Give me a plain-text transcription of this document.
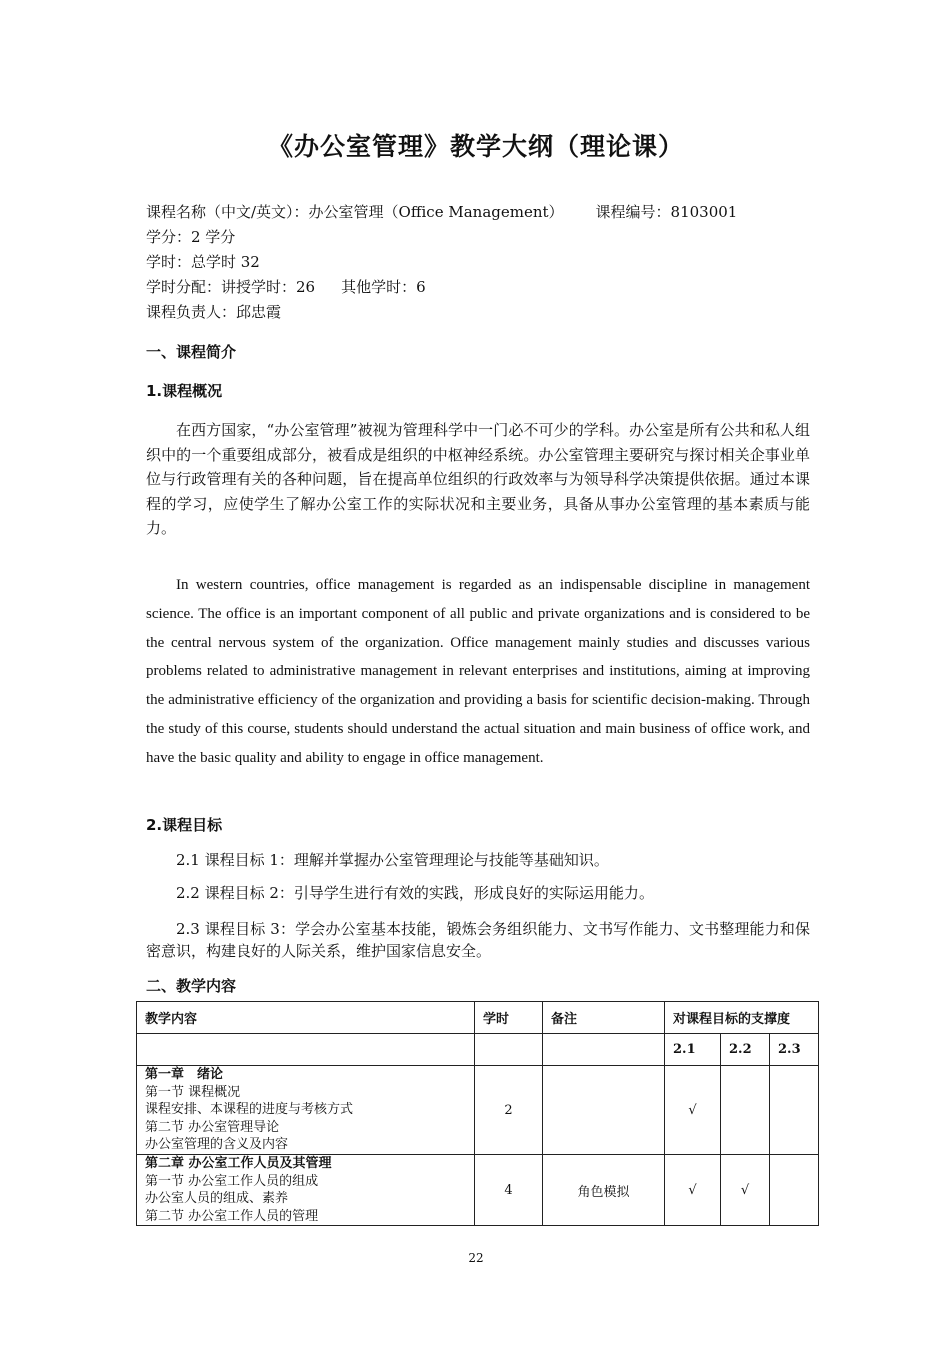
《办公室管理》教学大纲（理论课）
课程名称（中文/英文）：办公室管理（Office Management） 课程编号：8103001
学分：2 学分
学时：总学时 32
学时分配：讲授学时：26 其他学时：6
课程负责人：邱忠霞
一、课程简介
1.课程概况
在西方国家，“办公室管理”被视为管理科学中一门必不可少的学科。办公室是所有公共和私人组织中的一个重要组成部分，被看成是组织的中枢神经系统。办公室管理主要研究与探讨相关企事业单位与行政管理有关的各种问题，旨在提高单位组织的行政效率与为领导科学决策提供依据。通过本课程的学习，应使学生了解办公室工作的实际状况和主要业务，具备从事办公室管理的基本素质与能力。
In western countries, office management is regarded as an indispensable discipline in management science. The office is an important component of all public and private organizations and is considered to be the central nervous system of the organization. Office management mainly studies and discusses various problems related to administrative management in relevant enterprises and institutions, aiming at improving the administrative efficiency of the organization and providing a basis for scientific decision-making. Through the study of this course, students should understand the actual situation and main business of office work, and have the basic quality and ability to engage in office management.
2.课程目标
2.1 课程目标 1：理解并掌握办公室管理理论与技能等基础知识。
2.2 课程目标 2：引导学生进行有效的实践，形成良好的实际运用能力。
2.3 课程目标 3：学会办公室基本技能，锻炼会务组织能力、文书写作能力、文书整理能力和保密意识，构建良好的人际关系，维护国家信息安全。
二、教学内容
教学内容	学时	备注	对课程目标的支撑度		
			2.1	2.2	2.3

第一章　绪论
第一节 课程概况
课程安排、本课程的进度与考核方式
第二节 办公室管理导论
办公室管理的含义及内容	2		√		

第二章 办公室工作人员及其管理
第一节 办公室工作人员的组成
办公室人员的组成、素养
第二节 办公室工作人员的管理	4	角色模拟	√	√	
22
